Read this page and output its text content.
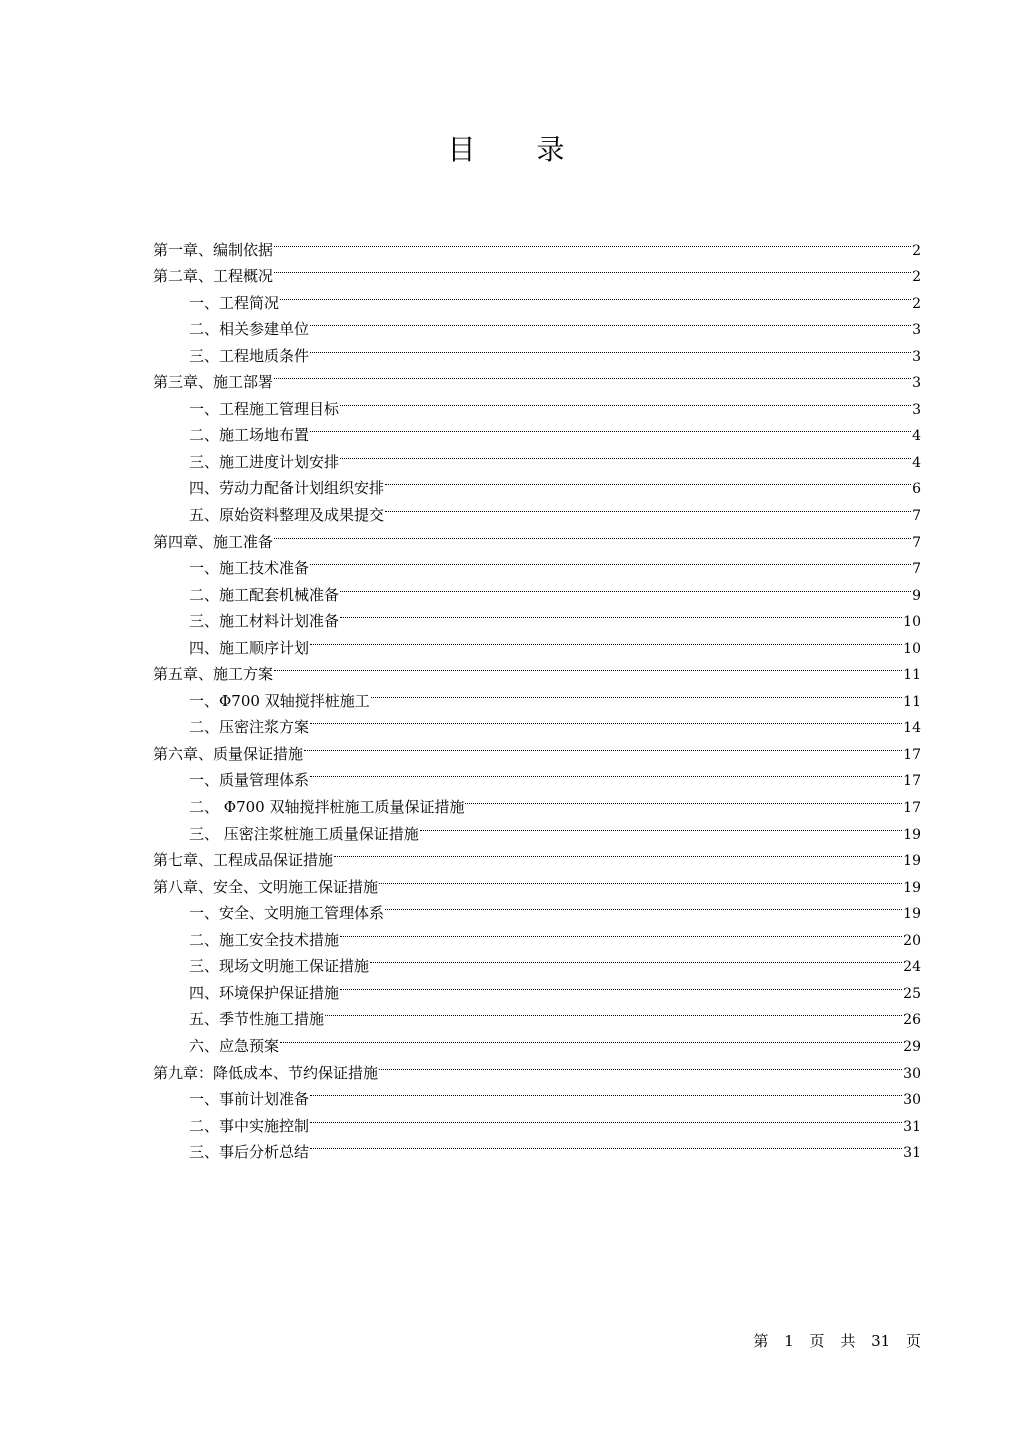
目 录
第一章、编制依据	2
第二章、工程概况	2
一、工程简况	2
二、相关参建单位	3
三、工程地质条件	3
第三章、施工部署	3
一、工程施工管理目标	3
二、施工场地布置	4
三、施工进度计划安排	4
四、劳动力配备计划组织安排	6
五、原始资料整理及成果提交	7
第四章、施工准备	7
一、施工技术准备	7
二、施工配套机械准备	9
三、施工材料计划准备	10
四、施工顺序计划	10
第五章、施工方案	11
一、Φ700 双轴搅拌桩施工	11
二、压密注浆方案	14
第六章、质量保证措施	17
一、质量管理体系	17
二、 Φ700 双轴搅拌桩施工质量保证措施	17
三、 压密注浆桩施工质量保证措施	19
第七章、工程成品保证措施	19
第八章、安全、文明施工保证措施	19
一、安全、文明施工管理体系	19
二、施工安全技术措施	20
三、现场文明施工保证措施	24
四、环境保护保证措施	25
五、季节性施工措施	26
六、应急预案	29
第九章：降低成本、节约保证措施	30
一、事前计划准备	30
二、事中实施控制	31
三、事后分析总结	31
第 1 页 共 31 页
